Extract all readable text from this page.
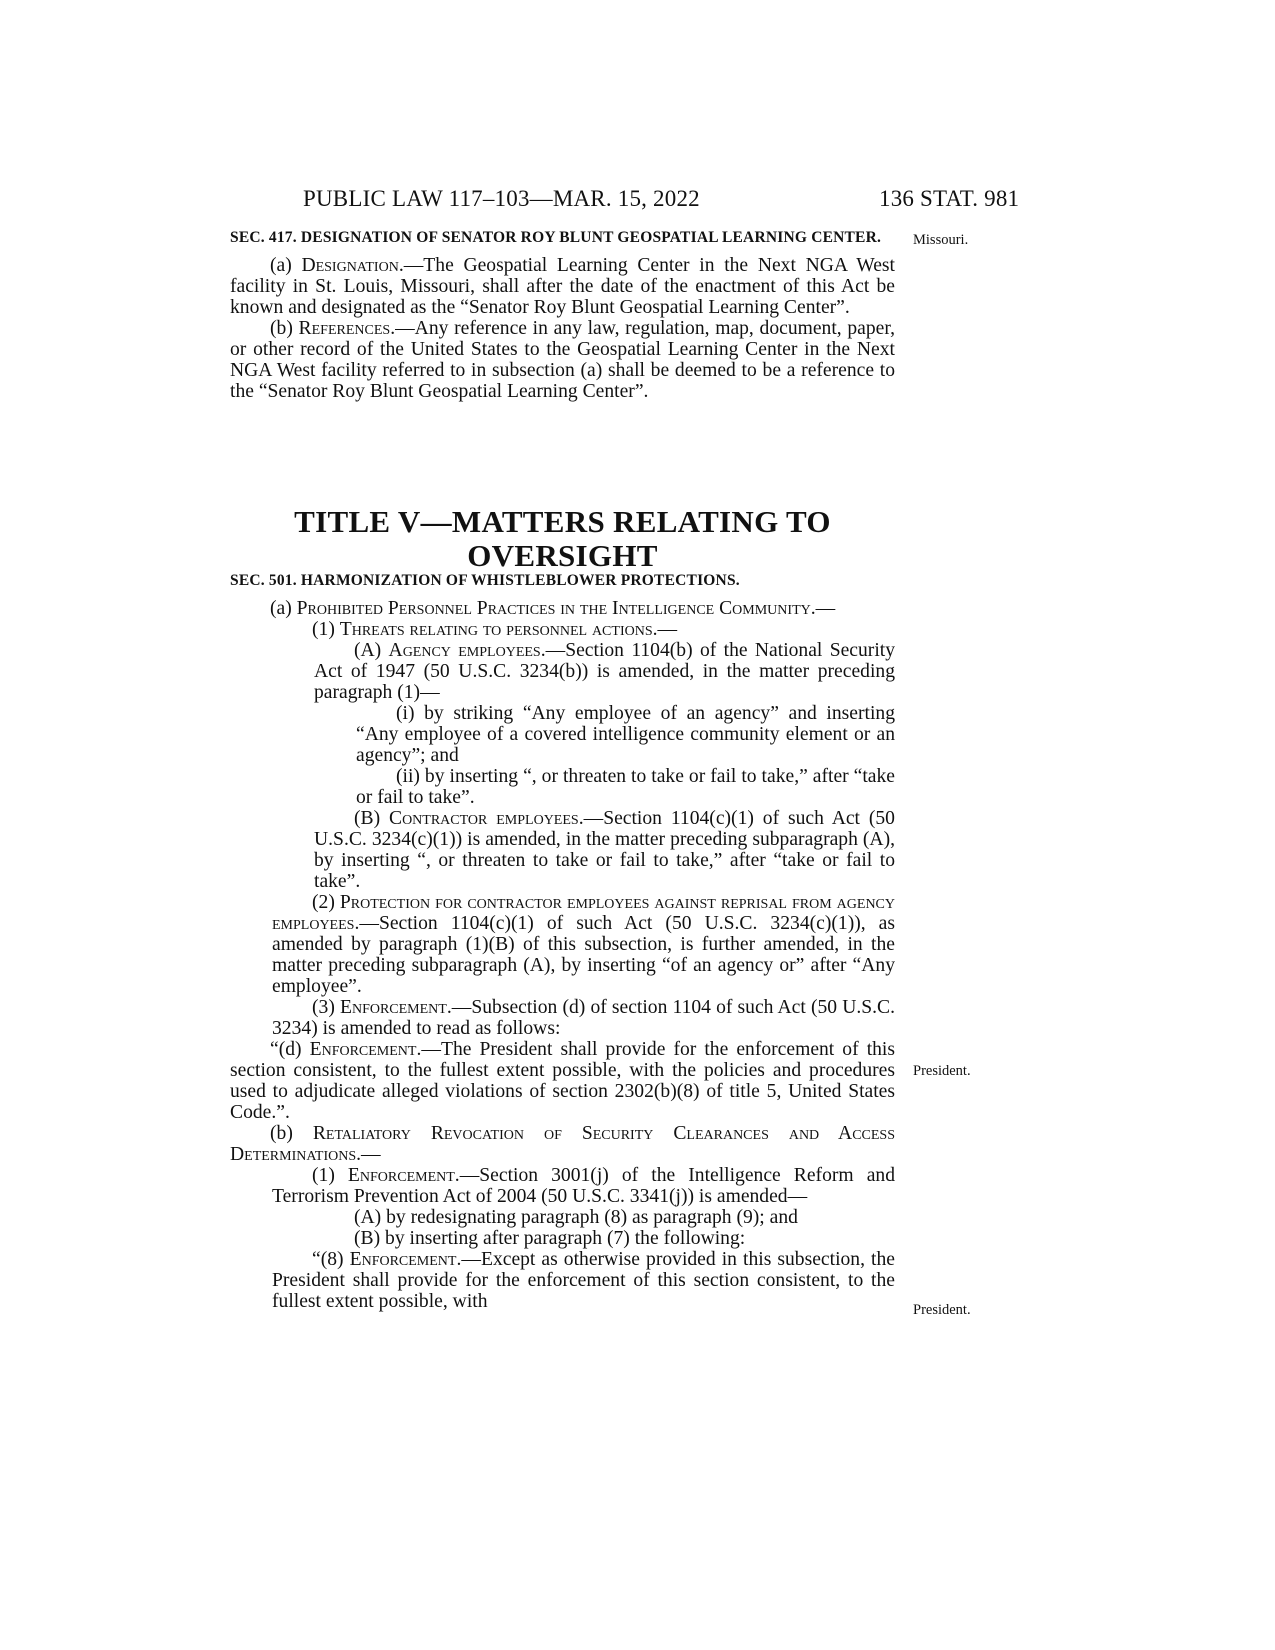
PUBLIC LAW 117–103—MAR. 15, 2022	136 STAT. 981
Missouri.
President.
President.

SEC. 417. DESIGNATION OF SENATOR ROY BLUNT GEOSPATIAL LEARNING CENTER.

(a) Designation.—The Geospatial Learning Center in the Next NGA West facility in St. Louis, Missouri, shall after the date of the enactment of this Act be known and designated as the “Senator Roy Blunt Geospatial Learning Center”.

(b) References.—Any reference in any law, regulation, map, document, paper, or other record of the United States to the Geospatial Learning Center in the Next NGA West facility referred to in subsection (a) shall be deemed to be a reference to the “Senator Roy Blunt Geospatial Learning Center”.

TITLE V—MATTERS RELATING TO
OVERSIGHT

SEC. 501. HARMONIZATION OF WHISTLEBLOWER PROTECTIONS.

(a) Prohibited Personnel Practices in the Intelligence Community.—

(1) Threats relating to personnel actions.—

(A) Agency employees.—Section 1104(b) of the National Security Act of 1947 (50 U.S.C. 3234(b)) is amended, in the matter preceding paragraph (1)—

(i) by striking “Any employee of an agency” and inserting “Any employee of a covered intelligence community element or an agency”; and

(ii) by inserting “, or threaten to take or fail to take,” after “take or fail to take”.

(B) Contractor employees.—Section 1104(c)(1) of such Act (50 U.S.C. 3234(c)(1)) is amended, in the matter preceding subparagraph (A), by inserting “, or threaten to take or fail to take,” after “take or fail to take”.

(2) Protection for contractor employees against reprisal from agency employees.—Section 1104(c)(1) of such Act (50 U.S.C. 3234(c)(1)), as amended by paragraph (1)(B) of this subsection, is further amended, in the matter preceding subparagraph (A), by inserting “of an agency or” after “Any employee”.

(3) Enforcement.—Subsection (d) of section 1104 of such Act (50 U.S.C. 3234) is amended to read as follows:

“(d) Enforcement.—The President shall provide for the enforcement of this section consistent, to the fullest extent possible, with the policies and procedures used to adjudicate alleged violations of section 2302(b)(8) of title 5, United States Code.”.

(b) Retaliatory Revocation of Security Clearances and Access Determinations.—

(1) Enforcement.—Section 3001(j) of the Intelligence Reform and Terrorism Prevention Act of 2004 (50 U.S.C. 3341(j)) is amended—

(A) by redesignating paragraph (8) as paragraph (9); and

(B) by inserting after paragraph (7) the following:

“(8) Enforcement.—Except as otherwise provided in this subsection, the President shall provide for the enforcement of this section consistent, to the fullest extent possible, with
